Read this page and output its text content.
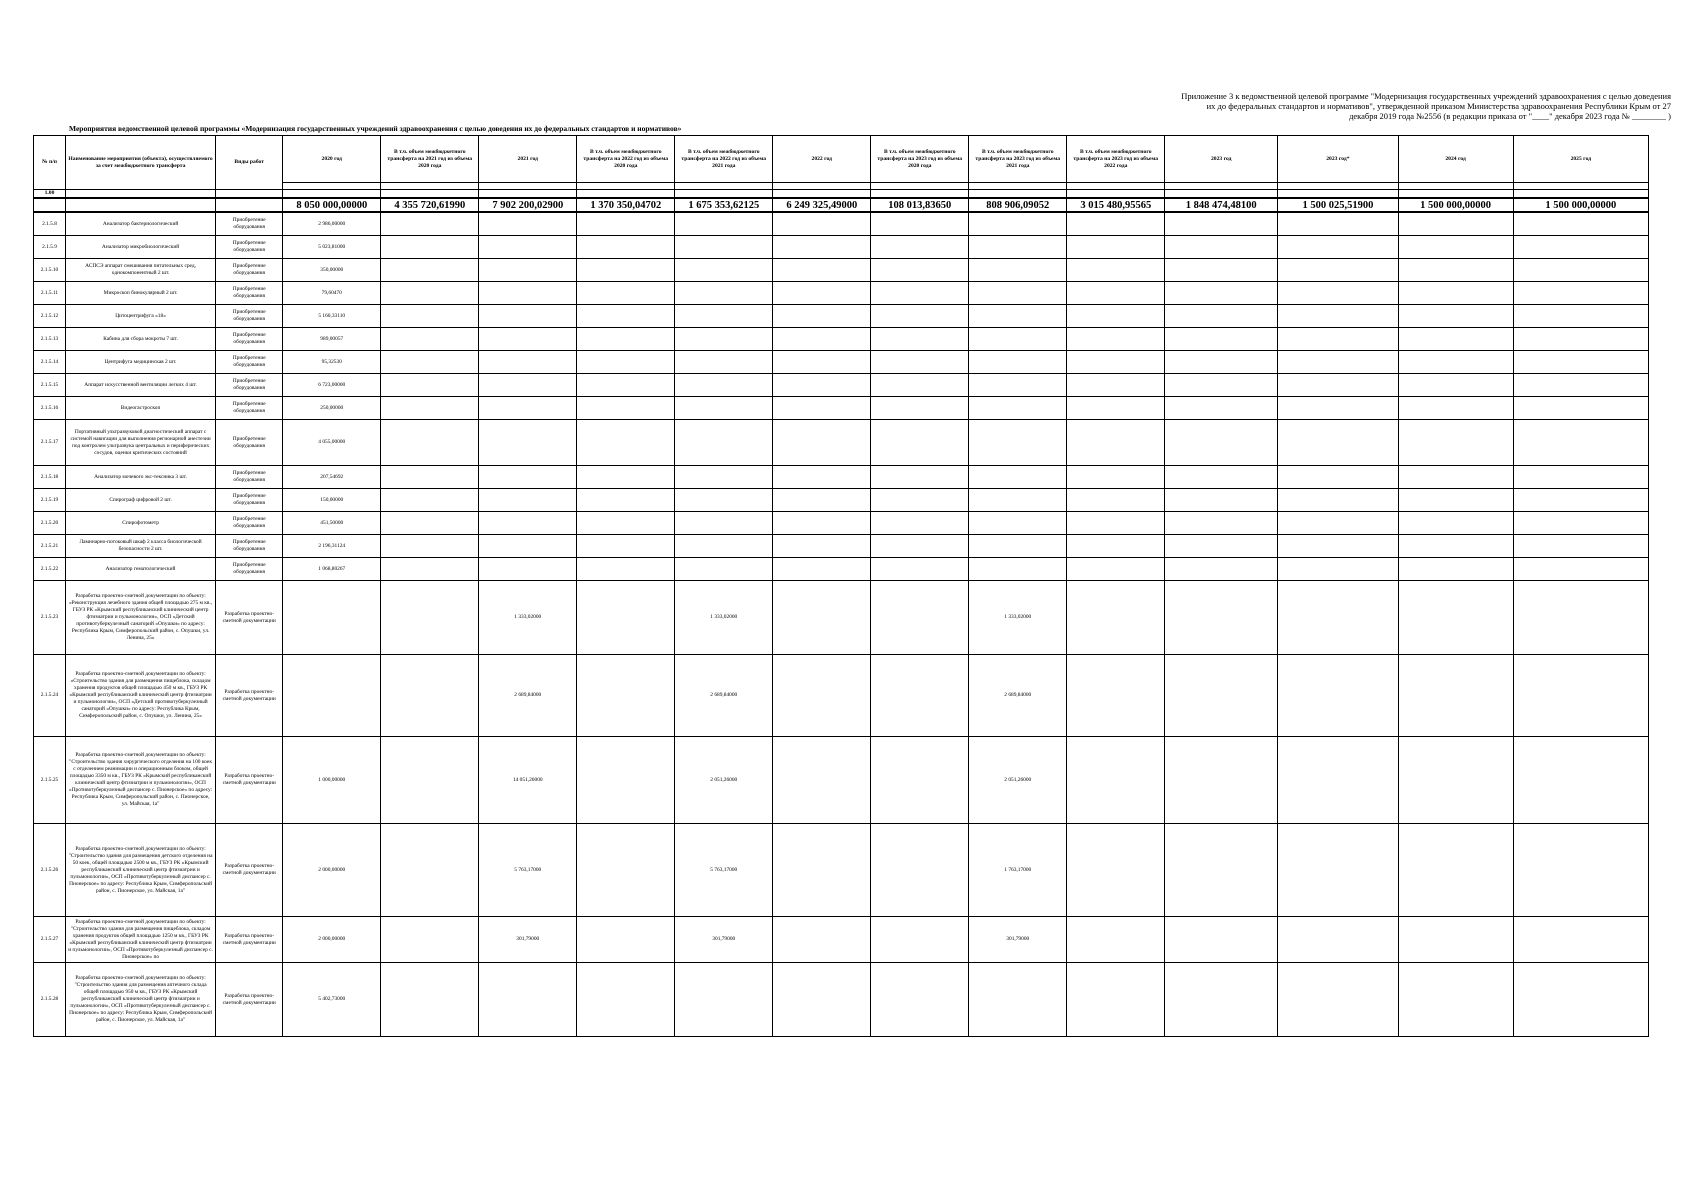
Приложение 3 к ведомственной целевой программе "Модернизация государственных учреждений здравоохранения с целью доведения
их до федеральных стандартов и нормативов", утвержденной приказом Министерства здравоохранения Республики Крым от 27
декабря 2019 года №2556 (в редакции приказа от "____" декабря 2023 года № ________ )
Мероприятия ведомственной целевой программы «Модернизация государственных учреждений здравоохранения с целью доведения их до федеральных стандартов и нормативов»
№ п/п	Наименование мероприятия (объекта), осуществляемого за счет межбюджетного трансферта	Виды работ	2020 год	В т.ч. объем межбюджетного трансферта на 2021 год из объема 2020 года	2021 год	В т.ч. объем межбюджетного трансферта на 2022 год из объема 2020 года	В т.ч. объем межбюджетного трансферта на 2022 год из объема 2021 года	2022 год	В т.ч. объем межбюджетного трансферта на 2023 год из объема 2020 года	В т.ч. объем межбюджетного трансферта на 2023 год из объема 2021 года	В т.ч. объем межбюджетного трансферта на 2023 год из объема 2022 года	2023 год	2023 год*	2024 год	2025 год

1.00															
			8 050 000,00000	4 355 720,61990	7 902 200,02900	1 370 350,04702	1 675 353,62125	6 249 325,49000	108 013,83650	808 906,09052	3 015 480,95565	1 848 474,48100	1 500 025,51900	1 500 000,00000	1 500 000,00000
2.1.5.8	Анализатор бактериологический	Приобретение оборудования	2 986,00000												
2.1.5.9	Анализатор микробиологический	Приобретение оборудования	5 023,81000												
2.1.5.10	АСПСЭ аппарат смешивания питательных сред, однокомпонентный 2 шт.	Приобретение оборудования	350,00000												
2.1.5.11	Микроскоп бинокулярный 2 шт.	Приобретение оборудования	79,60470												
2.1.5.12	Цитоцентрифуга «18»	Приобретение оборудования	5 160,33110												
2.1.5.13	Кабина для сбора мокроты 7 шт.	Приобретение оборудования	989,00057												
2.1.5.14	Центрифуга медицинская 2 шт.	Приобретение оборудования	95,32530												
2.1.5.15	Аппарат искусственной вентиляции легких 4 шт.	Приобретение оборудования	6 723,00000												
2.1.5.16	Видеогастроскоп	Приобретение оборудования	250,00000												
2.1.5.17	Портативный ультразвуковой диагностический аппарат с системой навигации для выполнения регионарной анестезии под контролем ультразвука центральных и периферических сосудов, оценки критических состояний	Приобретение оборудования	4 055,00000												
2.1.5.18	Анализатор мочевого экс-тексника 3 шт.	Приобретение оборудования	207,54692												
2.1.5.19	Спирограф цифровой 2 шт.	Приобретение оборудования	150,00000												
2.1.5.20	Спирофотометр	Приобретение оборудования	451,50000												
2.1.5.21	Ламинарно-потоковый шкаф 2 класса биологической безопасности 2 шт.	Приобретение оборудования	2 196,31124												
2.1.5.22	Анализатор гематологический	Приобретение оборудования	1 068,80267												
2.1.5.23	Разработка проектно-сметной документации по объекту: «Реконструкция лечебного здания общей площадью 275 м кв., ГБУЗ РК «Крымский республиканский клинический центр фтизиатрии и пульмонологии», ОСП «Детский противотуберкулезный санаторий «Опушки» по адресу: Республика Крым, Симферопольский район, с. Опушки, ул. Ленина, 25»	Разработка проектно-сметной документации			1 333,02000		1 333,02000			1 333,02000					
2.1.5.24	Разработка проектно-сметной документации по объекту: «Строительство здания для размещения пищеблока, складом хранения продуктов общей площадью 450 м кв., ГБУЗ РК «Крымский республиканский клинический центр фтизиатрии и пульмонологии», ОСП «Детский противотуберкулезный санаторий «Опушки» по адресу: Республика Крым, Симферопольский район, с. Опушки, ул. Ленина, 25»	Разработка проектно-сметной документации			2 689,84000		2 689,84000			2 689,84000					
2.1.5.25	Разработка проектно-сметной документации по объекту: "Строительство здания хирургического отделения на 100 коек с отделением реанимации и операционным блоком, общей площадью 3350 м кв., ГБУЗ РК «Крымский республиканский клинический центр фтизиатрии и пульмонологии», ОСП «Противотуберкулезный диспансер с. Пионерское» по адресу: Республика Крым, Симферопольский район, с. Пионерское, ул. Майская, 1а"	Разработка проектно-сметной документации	1 000,00000		14 051,26000		2 051,26000			2 051,26000					
2.1.5.26	Разработка проектно-сметной документации по объекту: "Строительство здания для размещения детского отделения на 50 коек, общей площадью 2500 м кв., ГБУЗ РК «Крымский республиканский клинический центр фтизиатрии и пульмонологии», ОСП «Противотуберкулезный диспансер с. Пионерское» по адресу: Республика Крым, Симферопольский район, с. Пионерское, ул. Майская, 1а"	Разработка проектно-сметной документации	2 000,00000		5 763,17000		5 763,17000			1 763,17000					
2.1.5.27	Разработка проектно-сметной документации по объекту: "Строительство здания для размещения пищеблока, складом хранения продуктов общей площадью 1250 м кв., ГБУЗ РК «Крымский республиканский клинический центр фтизиатрии и пульмонологии», ОСП «Противотуберкулезный диспансер с. Пионерское» по	Разработка проектно-сметной документации	2 000,00000		301,79000		301,79000			301,79000					
2.1.5.28	Разработка проектно-сметной документации по объекту: "Строительство здания для размещения аптечного склада общей площадью 950 м кв., ГБУЗ РК «Крымский республиканский клинический центр фтизиатрии и пульмонологии», ОСП «Противотуберкулезный диспансер с. Пионерское» по адресу: Республика Крым, Симферопольский район, с. Пионерское, ул. Майская, 1а"	Разработка проектно-сметной документации	5 402,73000												
